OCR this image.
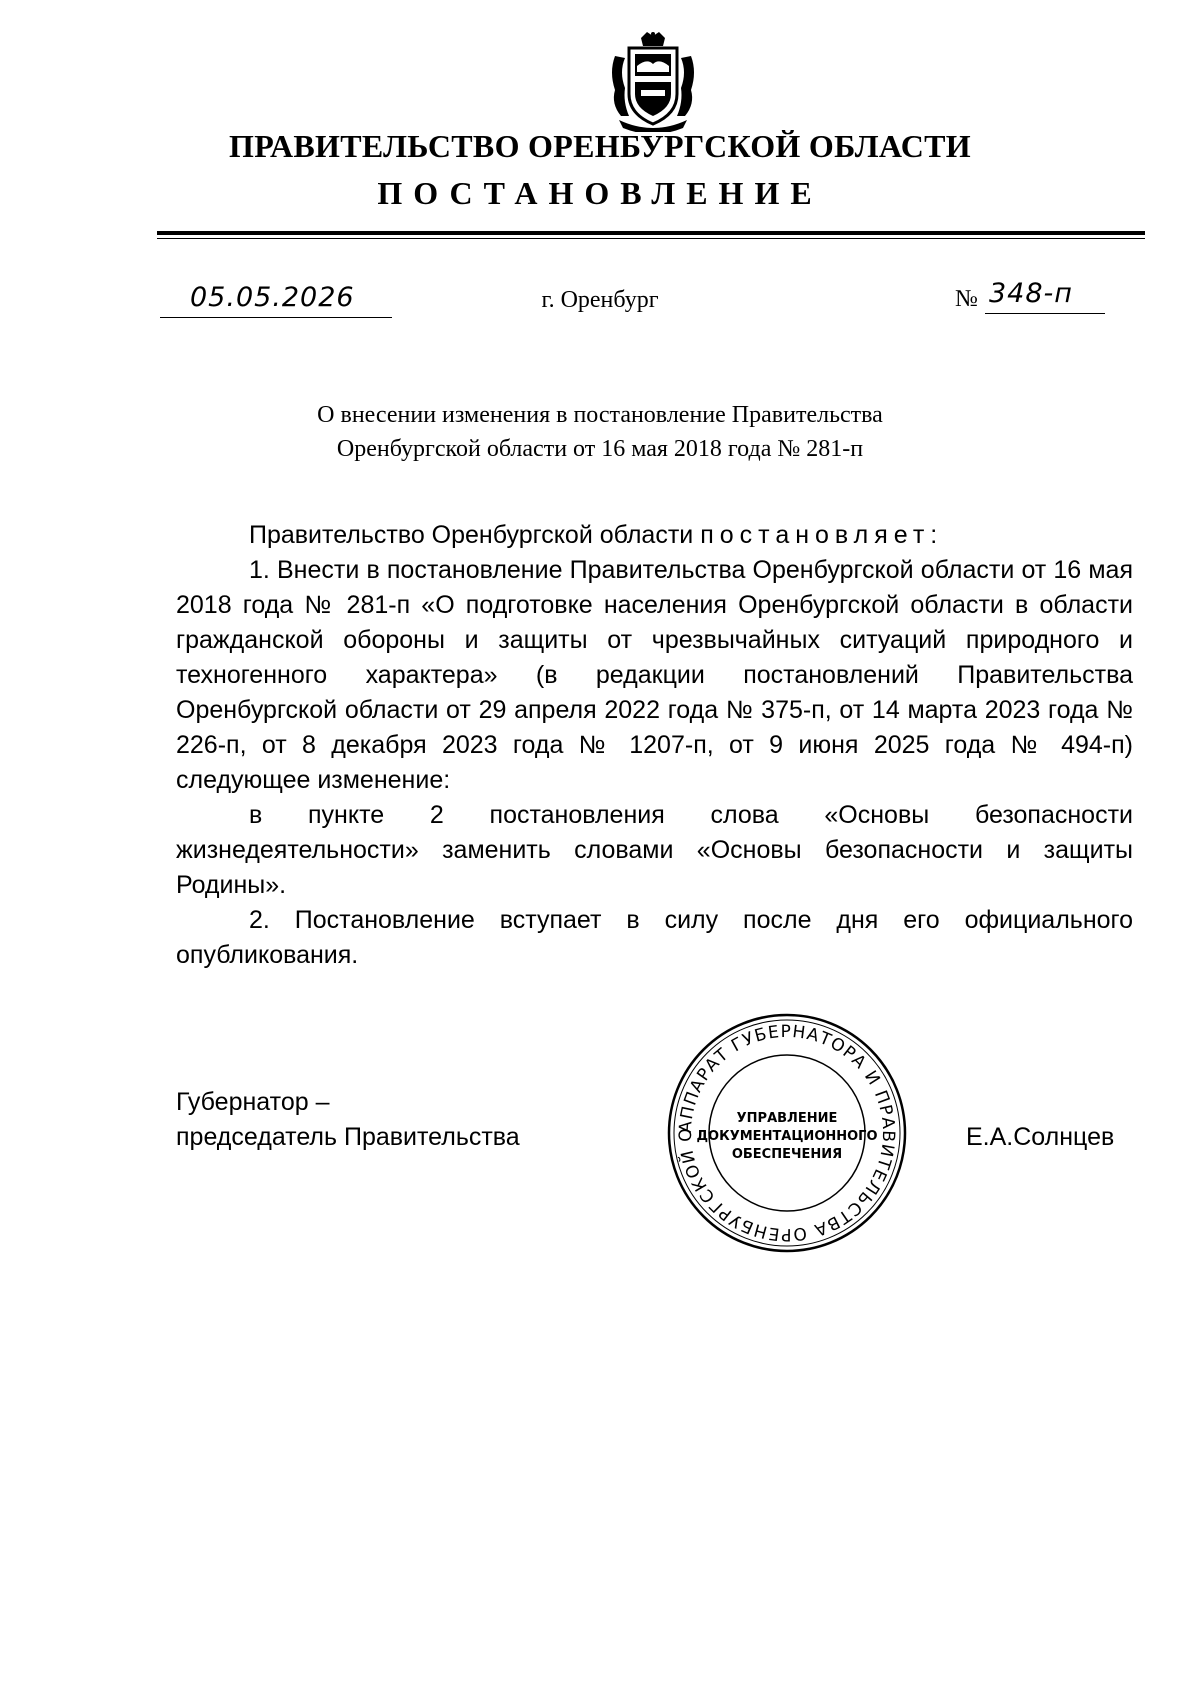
ПРАВИТЕЛЬСТВО ОРЕНБУРГСКОЙ ОБЛАСТИ
ПОСТАНОВЛЕНИЕ
05.05.2026	г. Оренбург	№ 348-п
О внесении изменения в постановление Правительства
Оренбургской области от 16 мая 2018 года № 281-п

Правительство Оренбургской области постановляет:

1. Внести в постановление Правительства Оренбургской области от 16 мая 2018 года № 281-п «О подготовке населения Оренбургской области в области гражданской обороны и защиты от чрезвычайных ситуаций природного и техногенного характера» (в редакции постановлений Правительства Оренбургской области от 29 апреля 2022 года № 375-п, от 14 марта 2023 года № 226-п, от 8 декабря 2023 года № 1207-п, от 9 июня 2025 года № 494-п) следующее изменение:

в пункте 2 постановления слова «Основы безопасности жизнедеятельности» заменить словами «Основы безопасности и защиты Родины».

2. Постановление вступает в силу после дня его официального опубликования.

Губернатор –
председатель Правительства	АППАРАТ ГУБЕРНАТОРА И ПРАВИТЕЛЬСТВА ОРЕНБУРГСКОЙ О
УПРАВЛЕНИЕ
ДОКУМЕНТАЦИОННОГО
ОБЕСПЕЧЕНИЯ
Е.А.Солнцев
